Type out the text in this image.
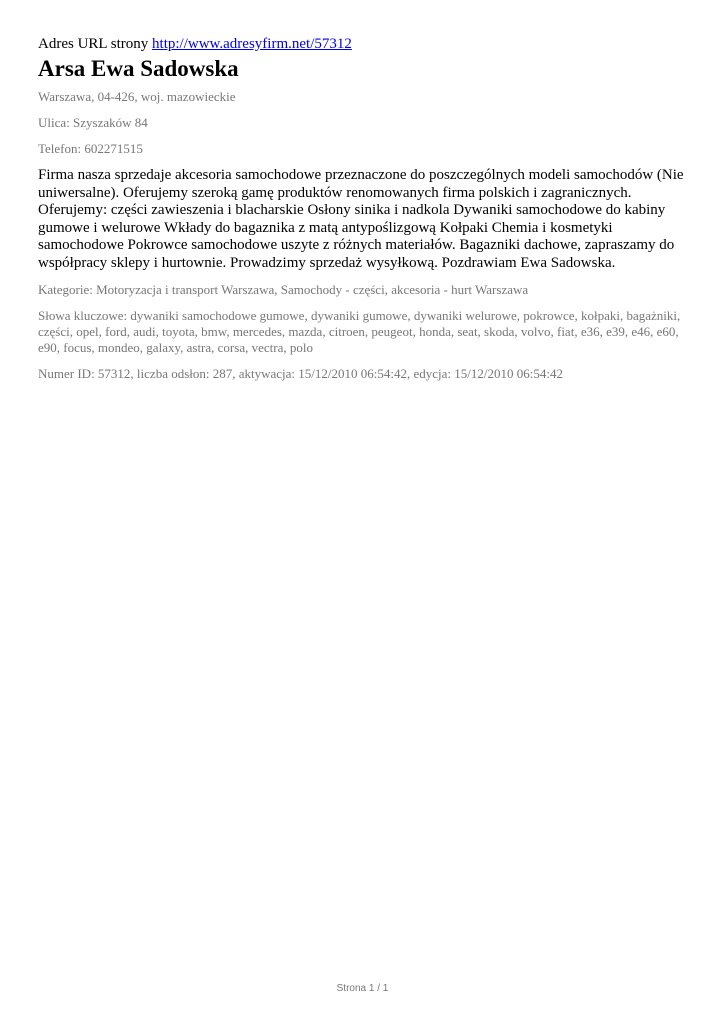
Adres URL strony http://www.adresyfirm.net/57312

Arsa Ewa Sadowska

Warszawa, 04-426, woj. mazowieckie

Ulica: Szyszaków 84

Telefon: 602271515

Firma nasza sprzedaje akcesoria samochodowe przeznaczone do poszczególnych modeli samochodów (Nie uniwersalne). Oferujemy szeroką gamę produktów renomowanych firma polskich i zagranicznych. Oferujemy: części zawieszenia i blacharskie Osłony sinika i nadkola Dywaniki samochodowe do kabiny gumowe i welurowe Wkłady do bagaznika z matą antypoślizgową Kołpaki Chemia i kosmetyki samochodowe Pokrowce samochodowe uszyte z różnych materiałów. Bagazniki dachowe, zapraszamy do współpracy sklepy i hurtownie. Prowadzimy sprzedaż wysyłkową. Pozdrawiam Ewa Sadowska.

Kategorie: Motoryzacja i transport Warszawa, Samochody - części, akcesoria - hurt Warszawa

Słowa kluczowe: dywaniki samochodowe gumowe, dywaniki gumowe, dywaniki welurowe, pokrowce, kołpaki, bagażniki, części, opel, ford, audi, toyota, bmw, mercedes, mazda, citroen, peugeot, honda, seat, skoda, volvo, fiat, e36, e39, e46, e60, e90, focus, mondeo, galaxy, astra, corsa, vectra, polo

Numer ID: 57312, liczba odsłon: 287, aktywacja: 15/12/2010 06:54:42, edycja: 15/12/2010 06:54:42

Strona 1 / 1
